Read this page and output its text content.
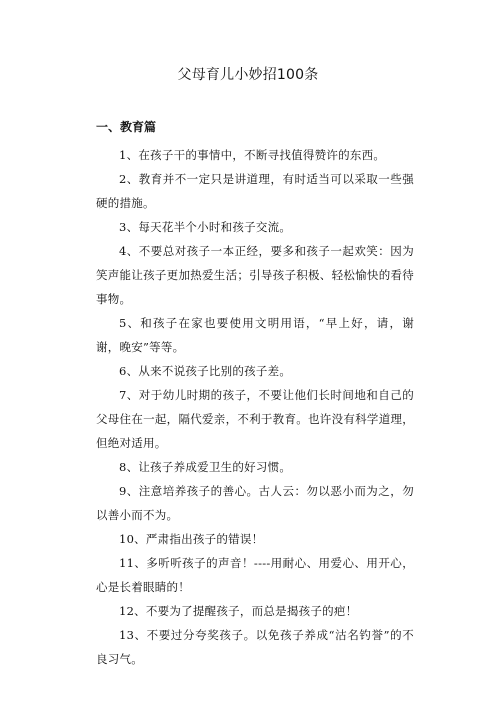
父母育儿小妙招100条
一、教育篇

1、在孩子干的事情中，不断寻找值得赞许的东西。

2、教育并不一定只是讲道理，有时适当可以采取一些强硬的措施。

3、每天花半个小时和孩子交流。

4、不要总对孩子一本正经，要多和孩子一起欢笑：因为笑声能让孩子更加热爱生活；引导孩子积极、轻松愉快的看待事物。

5、和孩子在家也要使用文明用语，“早上好，请，谢谢，晚安”等等。

6、从来不说孩子比别的孩子差。

7、对于幼儿时期的孩子，不要让他们长时间地和自己的父母住在一起，隔代爱亲，不利于教育。也许没有科学道理，但绝对适用。

8、让孩子养成爱卫生的好习惯。

9、注意培养孩子的善心。古人云：勿以恶小而为之，勿以善小而不为。

10、严肃指出孩子的错误！

11、多听听孩子的声音！----用耐心、用爱心、用开心，心是长着眼睛的！

12、不要为了提醒孩子，而总是揭孩子的疤！

13、不要过分夸奖孩子。以免孩子养成“沽名钓誉”的不良习气。
